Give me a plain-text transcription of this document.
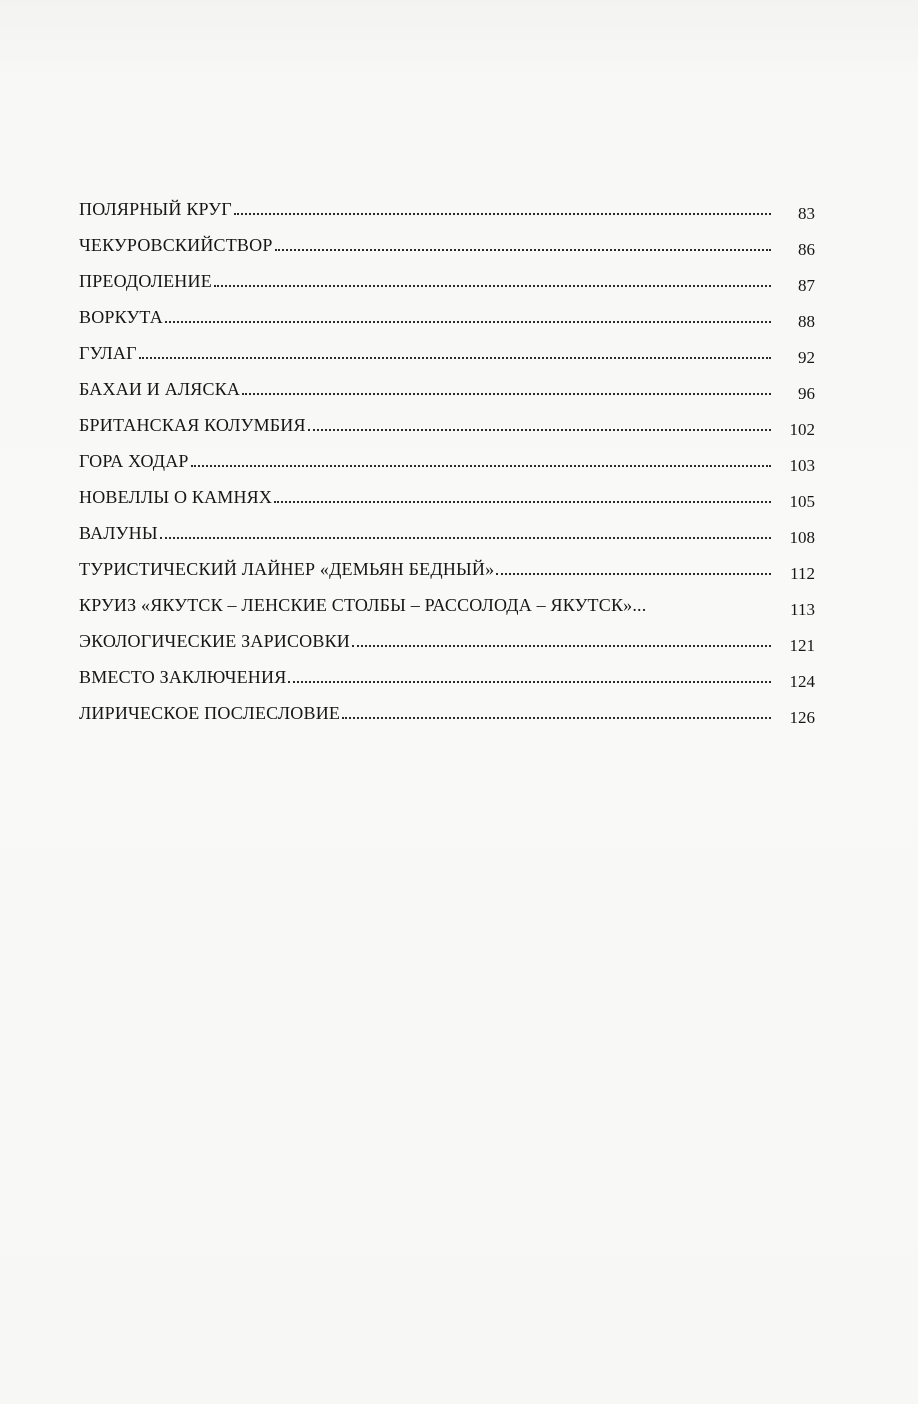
ПОЛЯРНЫЙ КРУГ	83
ЧЕКУРОВСКИЙСТВОР	86
ПРЕОДОЛЕНИЕ	87
ВОРКУТА	88
ГУЛАГ	92
БАХАИ И АЛЯСКА	96
БРИТАНСКАЯ КОЛУМБИЯ	102
ГОРА ХОДАР	103
НОВЕЛЛЫ О КАМНЯХ	105
ВАЛУНЫ	108
ТУРИСТИЧЕСКИЙ ЛАЙНЕР «ДЕМЬЯН БЕДНЫЙ»	112
КРУИЗ «ЯКУТСК – ЛЕНСКИЕ СТОЛБЫ – РАССОЛОДА – ЯКУТСК»...	113
ЭКОЛОГИЧЕСКИЕ ЗАРИСОВКИ	121
ВМЕСТО ЗАКЛЮЧЕНИЯ	124
ЛИРИЧЕСКОЕ ПОСЛЕСЛОВИЕ	126
